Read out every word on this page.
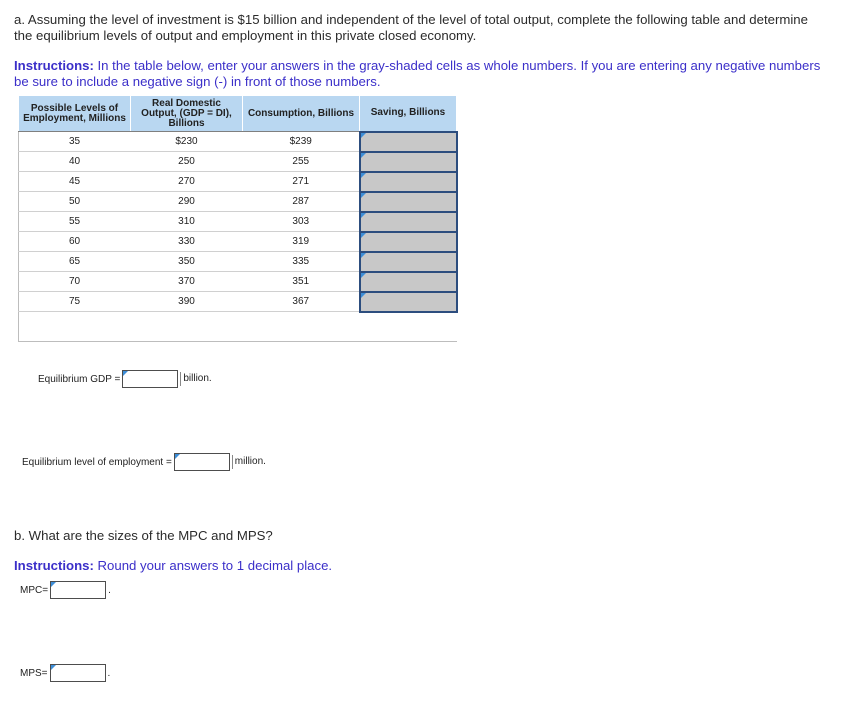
a. Assuming the level of investment is $15 billion and independent of the level of total output, complete the following table and determine the equilibrium levels of output and employment in this private closed economy.
Instructions: In the table below, enter your answers in the gray-shaded cells as whole numbers. If you are entering any negative numbers be sure to include a negative sign (-) in front of those numbers.
Possible Levels of Employment, Millions	Real Domestic Output, (GDP = DI), Billions	Consumption, Billions	Saving, Billions
35	$230	$239	

40	250	255	

45	270	271	

50	290	287	

55	310	303	

60	330	319	

65	350	335	

70	370	351	

75	390	367	

Equilibrium GDP =	billion.
Equilibrium level of employment =	million.
b. What are the sizes of the MPC and MPS?
Instructions: Round your answers to 1 decimal place.
MPC=	.
MPS=	.
